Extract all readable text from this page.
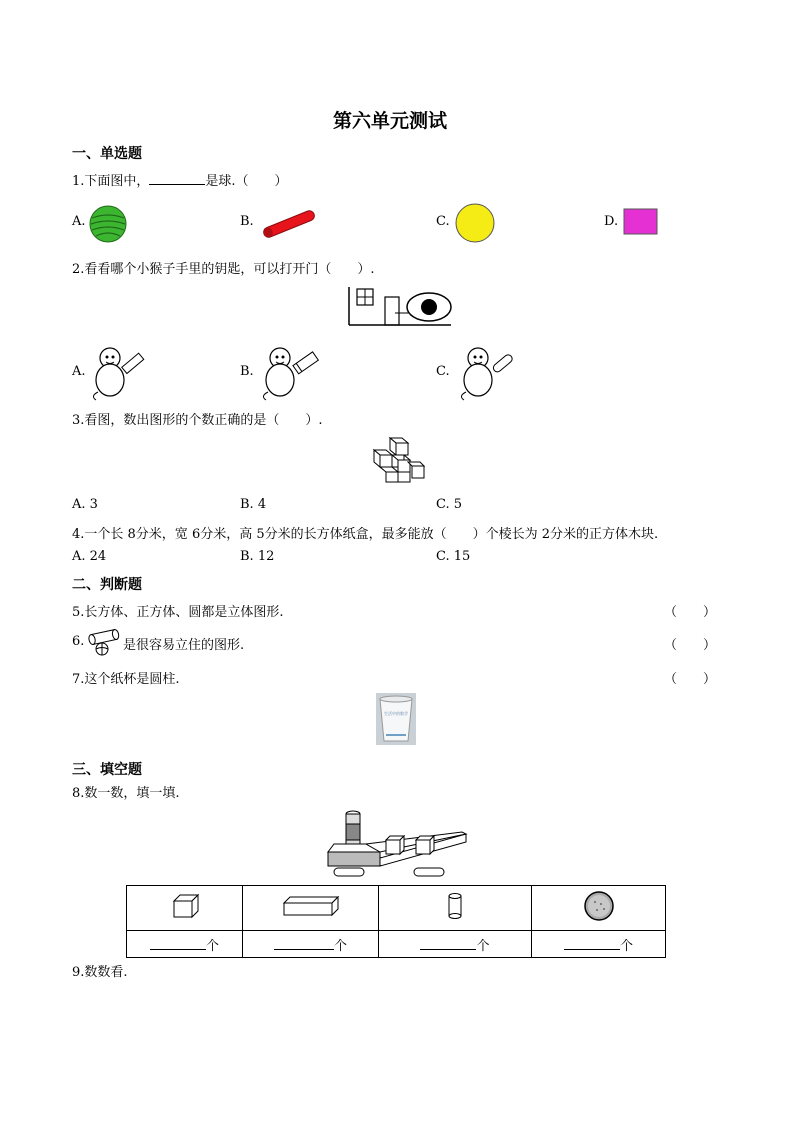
第六单元测试
一、单选题
1.下面图中，	是球.（　　）
A.	B.	C.	D.
2.看看哪个小猴子手里的钥匙，可以打开门（　　）.
A.	B.	C.
3.看图，数出图形的个数正确的是（　　）.
A. 3	B. 4	C. 5
4.一个长 8分米，宽 6分米，高 5分米的长方体纸盒，最多能放（　　）个棱长为 2分米的正方体木块.
A. 24	B. 12	C. 15
二、判断题
5.长方体、正方体、圆都是立体图形.	（　　）
6.	是很容易立住的图形.	（　　）
7.这个纸杯是圆柱.	（　　）
生活中的数学
三、填空题
8.数一数，填一填.

个	个	个	个
9.数数看.
